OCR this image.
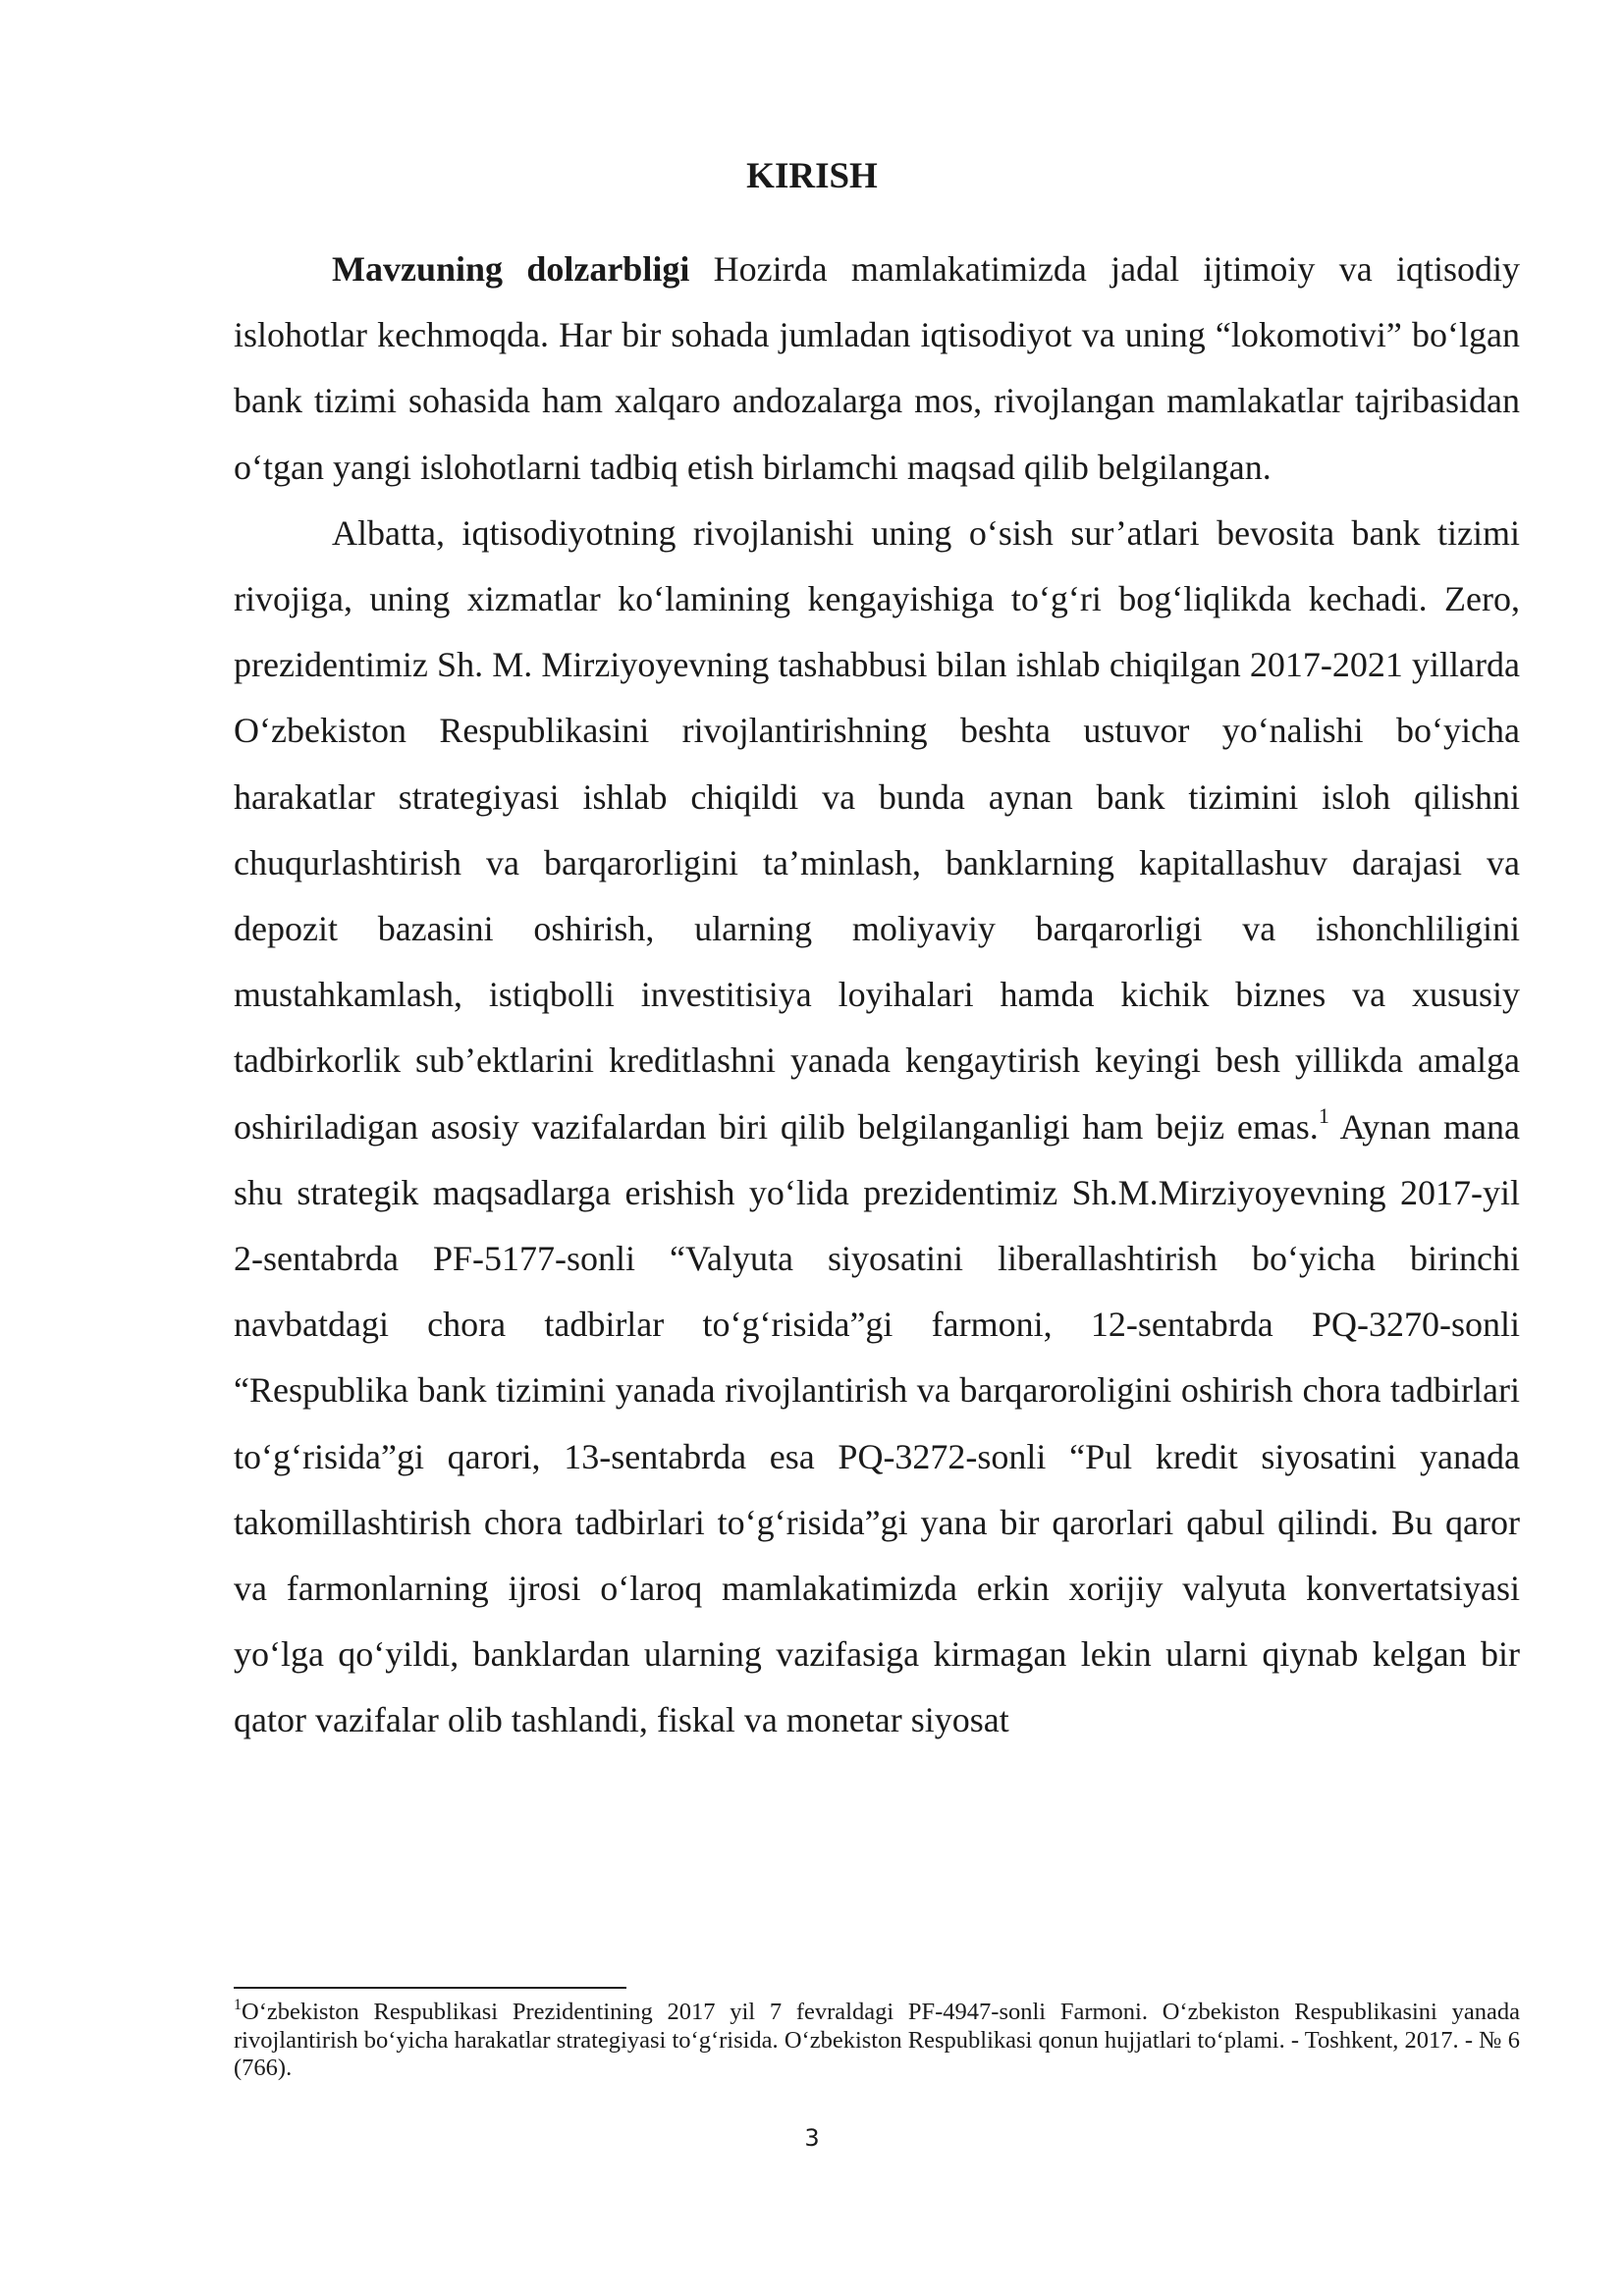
KIRISH

Mavzuning dolzarbligi Hozirda mamlakatimizda jadal ijtimoiy va iqtisodiy islohotlar kechmoqda. Har bir sohada jumladan iqtisodiyot va uning “lokomotivi” bo‘lgan bank tizimi sohasida ham xalqaro andozalarga mos, rivojlangan mamlakatlar tajribasidan o‘tgan yangi islohotlarni tadbiq etish birlamchi maqsad qilib belgilangan.

Albatta, iqtisodiyotning rivojlanishi uning o‘sish sur’atlari bevosita bank tizimi rivojiga, uning xizmatlar ko‘lamining kengayishiga to‘g‘ri bog‘liqlikda kechadi. Zero, prezidentimiz Sh. M. Mirziyoyevning tashabbusi bilan ishlab chiqilgan 2017-2021 yillarda O‘zbekiston Respublikasini rivojlantirishning beshta ustuvor yo‘nalishi bo‘yicha harakatlar strategiyasi ishlab chiqildi va bunda aynan bank tizimini isloh qilishni chuqurlashtirish va barqarorligini ta’minlash, banklarning kapitallashuv darajasi va depozit bazasini oshirish, ularning moliyaviy barqarorligi va ishonchliligini mustahkamlash, istiqbolli investitisiya loyihalari hamda kichik biznes va xususiy tadbirkorlik sub’ektlarini kreditlashni yanada kengaytirish keyingi besh yillikda amalga oshiriladigan asosiy vazifalardan biri qilib belgilanganligi ham bejiz emas.$^1$ Aynan mana shu strategik maqsadlarga erishish yo‘lida prezidentimiz Sh.M.Mirziyoyevning 2017-yil 2-sentabrda PF-5177-sonli “Valyuta siyosatini liberallashtirish bo‘yicha birinchi navbatdagi chora tadbirlar to‘g‘risida”gi farmoni, 12-sentabrda PQ-3270-sonli “Respublika bank tizimini yanada rivojlantirish va barqaroroligini oshirish chora tadbirlari to‘g‘risida”gi qarori, 13-sentabrda esa PQ-3272-sonli “Pul kredit siyosatini yanada takomillashtirish chora tadbirlari to‘g‘risida”gi yana bir qarorlari qabul qilindi. Bu qaror va farmonlarning ijrosi o‘laroq mamlakatimizda erkin xorijiy valyuta konvertatsiyasi yo‘lga qo‘yildi, banklardan ularning vazifasiga kirmagan lekin ularni qiynab kelgan bir qator vazifalar olib tashlandi, fiskal va monetar siyosat

$^1$O‘zbekiston Respublikasi Prezidentining 2017 yil 7 fevraldagi PF-4947-sonli Farmoni. O‘zbekiston Respublikasini yanada rivojlantirish bo‘yicha harakatlar strategiyasi to‘g‘risida. O‘zbekiston Respublikasi qonun hujjatlari to‘plami. - Toshkent, 2017. - № 6 (766).

3
